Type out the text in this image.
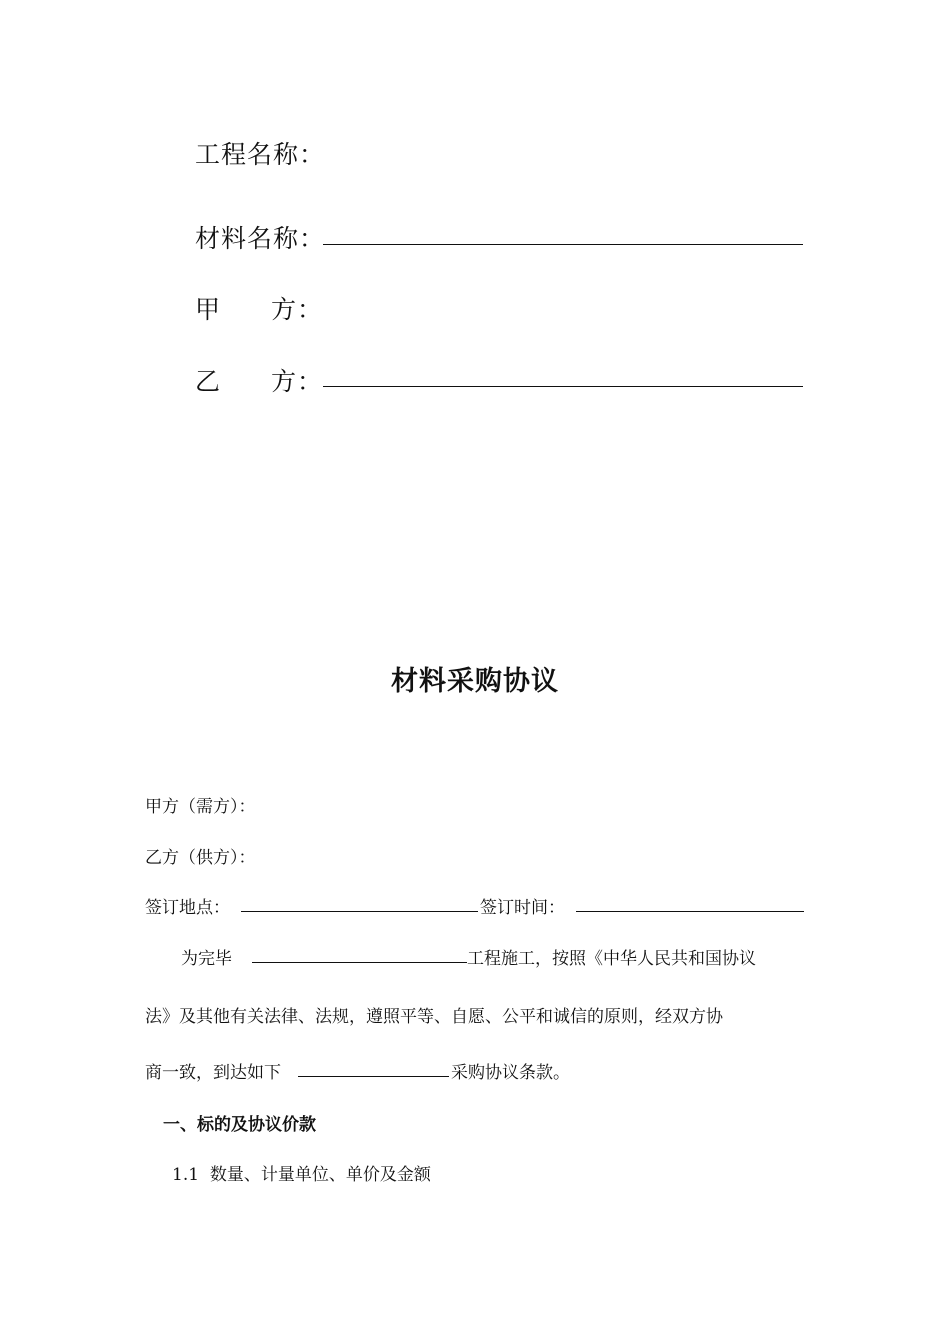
工程名称：
材料名称：
甲 方 ：
乙 方 ：
材料采购协议
甲方（需方）：
乙方（供方）：
签订地点：	签订时间：
为完毕	工程施工，按照《中华人民共和国协议
法》及其他有关法律、法规，遵照平等、自愿、公平和诚信的原则，经双方协
商一致，到达如下	采购协议条款。
一、标的及协议价款
1.1  数量、计量单位、单价及金额
